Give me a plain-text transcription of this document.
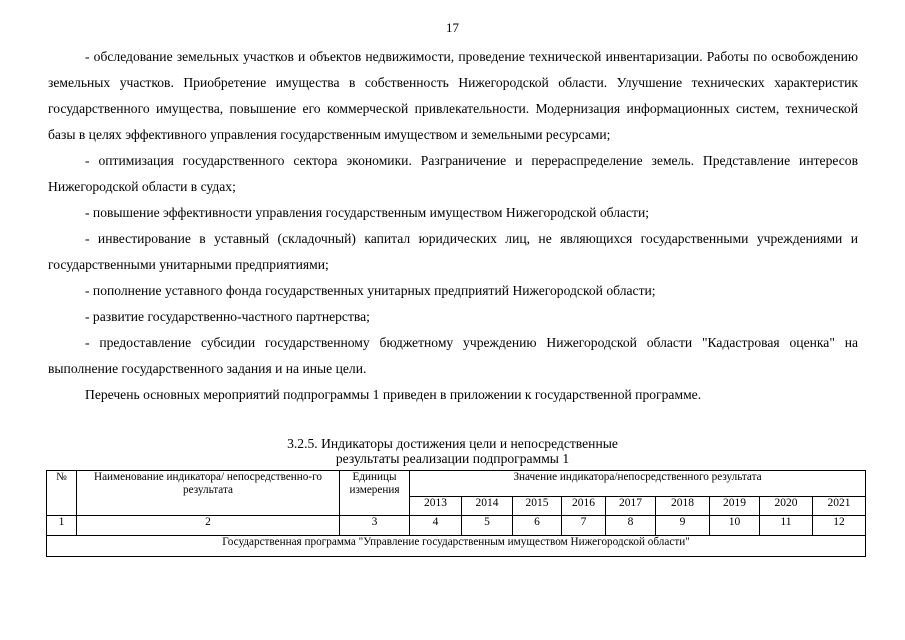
17

- обследование земельных участков и объектов недвижимости, проведение технической инвентаризации. Работы по освобождению земельных участков. Приобретение имущества в собственность Нижегородской области. Улучшение технических характеристик государственного имущества, повышение его коммерческой привлекательности. Модернизация информационных систем, технической базы в целях эффективного управления государственным имуществом и земельными ресурсами;

- оптимизация государственного сектора экономики. Разграничение и перераспределение земель. Представление интересов Нижегородской области в судах;

- повышение эффективности управления государственным имуществом Нижегородской области;

- инвестирование в уставный (складочный) капитал юридических лиц, не являющихся государственными учреждениями и государственными унитарными предприятиями;

- пополнение уставного фонда государственных унитарных предприятий Нижегородской области;

- развитие государственно-частного партнерства;

- предоставление субсидии государственному бюджетному учреждению Нижегородской области "Кадастровая оценка" на выполнение государственного задания и на иные цели.

Перечень основных мероприятий подпрограммы 1 приведен в приложении к государственной программе.

3.2.5. Индикаторы достижения цели и непосредственные
результаты реализации подпрограммы 1
№	Наименование индикатора/ непосредственно-го результата	Единицы измерения	Значение индикатора/непосредственного результата								
			2013	2014	2015	2016	2017	2018	2019	2020	2021
1	2	3	4	5	6	7	8	9	10	11	12
Государственная программа "Управление государственным имуществом Нижегородской области"											
